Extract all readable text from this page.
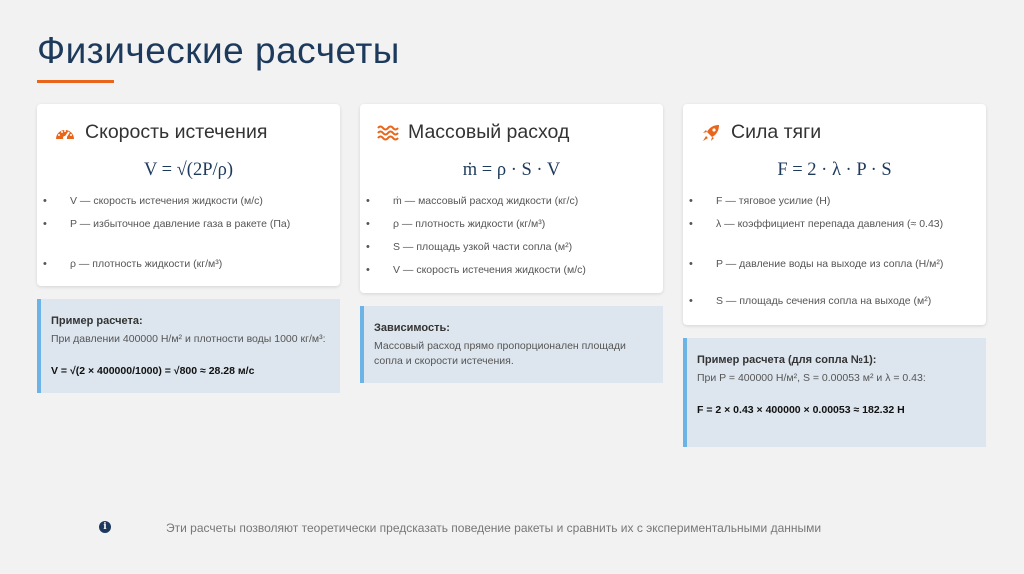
Физические расчеты
Скорость истечения
V = √(2P/ρ)
• V — скорость истечения жидкости (м/с)
• P — избыточное давление газа в ракете (Па)
• ρ — плотность жидкости (кг/м³)
Пример расчета:
При давлении 400000 Н/м² и плотности воды 1000 кг/м³:
V = √(2 × 400000/1000) = √800 ≈ 28.28 м/с
Массовый расход
ṁ = ρ · S · V
• ṁ — массовый расход жидкости (кг/с)
• ρ — плотность жидкости (кг/м³)
• S — площадь узкой части сопла (м²)
• V — скорость истечения жидкости (м/с)
Зависимость:
Массовый расход прямо пропорционален площади сопла и скорости истечения.
Сила тяги
F = 2 · λ · P · S
• F — тяговое усилие (Н)
• λ — коэффициент перепада давления (≈ 0.43)
• P — давление воды на выходе из сопла (Н/м²)
• S — площадь сечения сопла на выходе (м²)
Пример расчета (для сопла №1):
При P = 400000 Н/м², S = 0.00053 м² и λ = 0.43:
F = 2 × 0.43 × 400000 × 0.00053 ≈ 182.32 Н
i	Эти расчеты позволяют теоретически предсказать поведение ракеты и сравнить их с экспериментальными данными
